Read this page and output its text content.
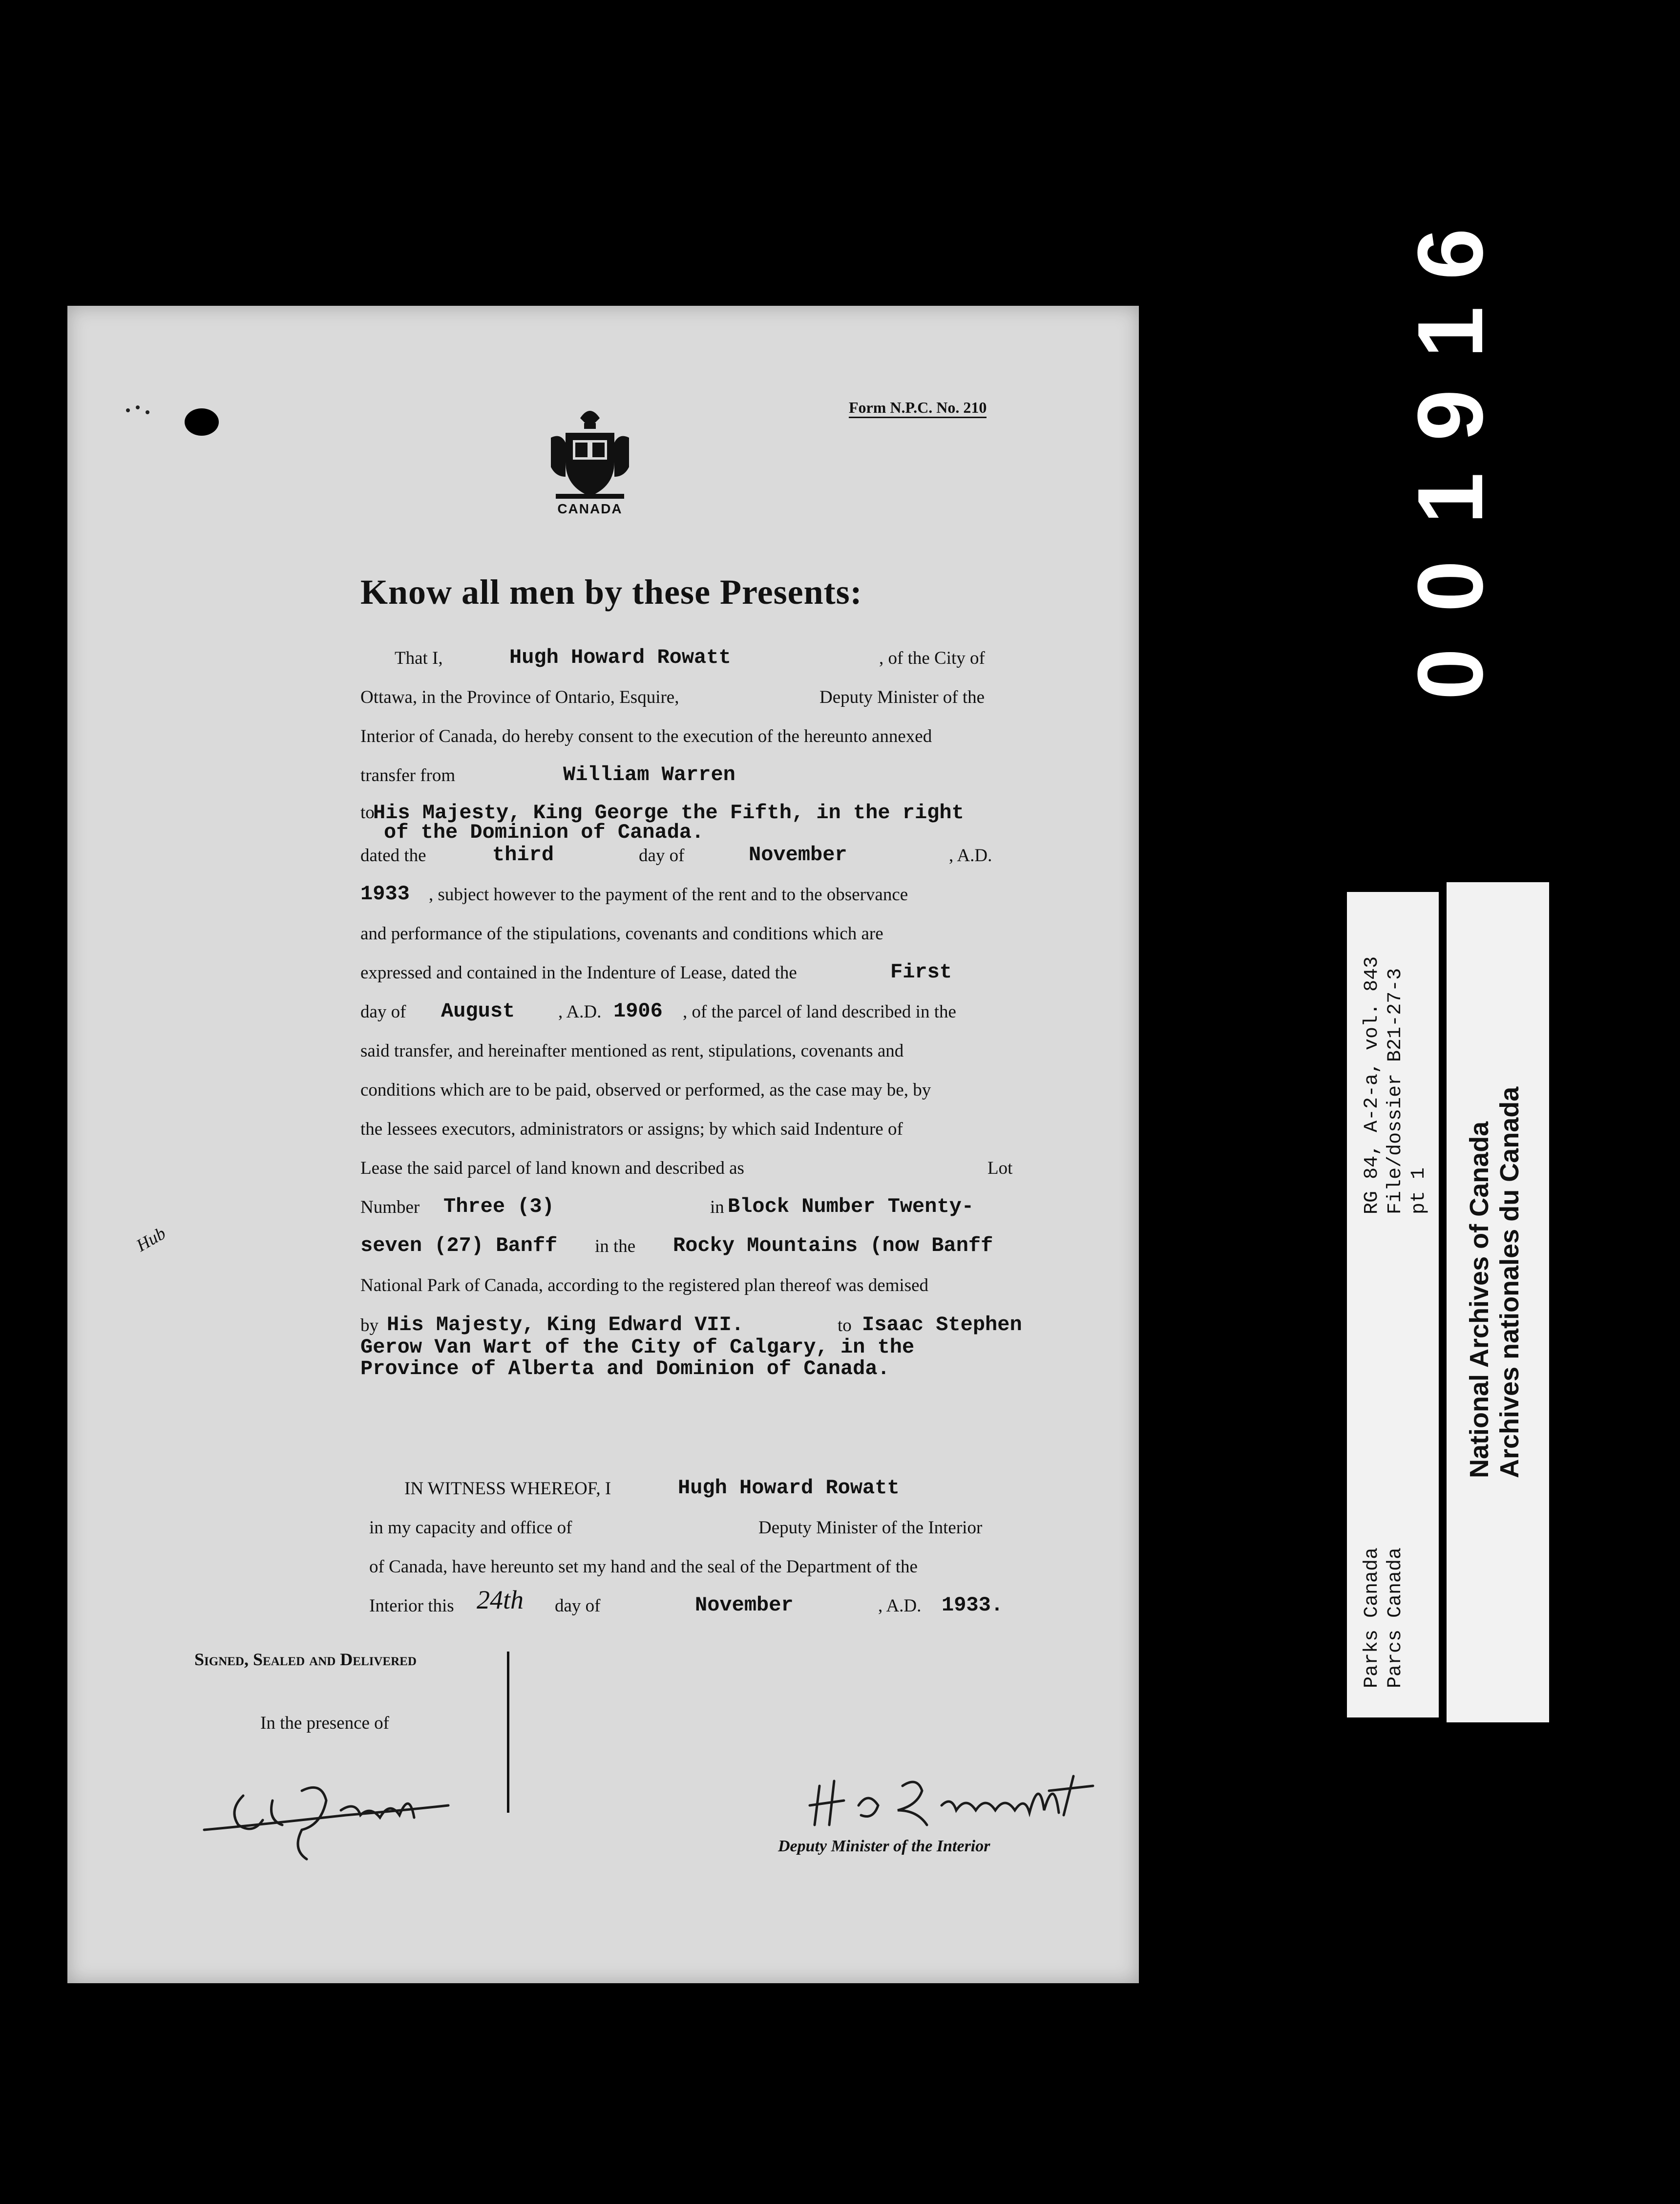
6
1
9
1
0
0
Form N.P.C. No. 210
CANADA
Know all men by these Presents:
That I,	Hugh Howard Rowatt	, of the City of
Ottawa, in the Province of Ontario, Esquire,	Deputy Minister of the
Interior of Canada, do hereby consent to the execution of the hereunto annexed
transfer from	William Warren
to
His Majesty, King George the Fifth, in the right
of the Dominion of Canada.
dated the	third	day of	November	, A.D.
1933 , subject however to the payment of the rent and to the observance
and performance of the stipulations, covenants and conditions which are
expressed and contained in the Indenture of Lease, dated the	First
day of August , A.D. 1906 , of the parcel of land described in the
said transfer, and hereinafter mentioned as rent, stipulations, covenants and
conditions which are to be paid, observed or performed, as the case may be, by
the lessees executors, administrators or assigns; by which said Indenture of
Lease the said parcel of land known and described as	Lot
Number Three (3)	in Block Number Twenty-
seven (27) Banff in the Rocky Mountains (now Banff
National Park of Canada, according to the registered plan thereof was demised
by His Majesty, King Edward VII.	to Isaac Stephen
Gerow Van Wart of the City of Calgary, in the
Province of Alberta and Dominion of Canada.
IN WITNESS WHEREOF, I	Hugh Howard Rowatt
in my capacity and office of	Deputy Minister of the Interior
of Canada, have hereunto set my hand and the seal of the Department of the
Interior this 24th day of	November	, A.D. 1933.
Signed, Sealed and Delivered
In the presence of
Deputy Minister of the Interior
Hub
RG 84, A-2-a, vol. 843 File/dossier B21-27-3 pt 1
Parks Canada Parcs Canada
National Archives of Canada Archives nationales du Canada
